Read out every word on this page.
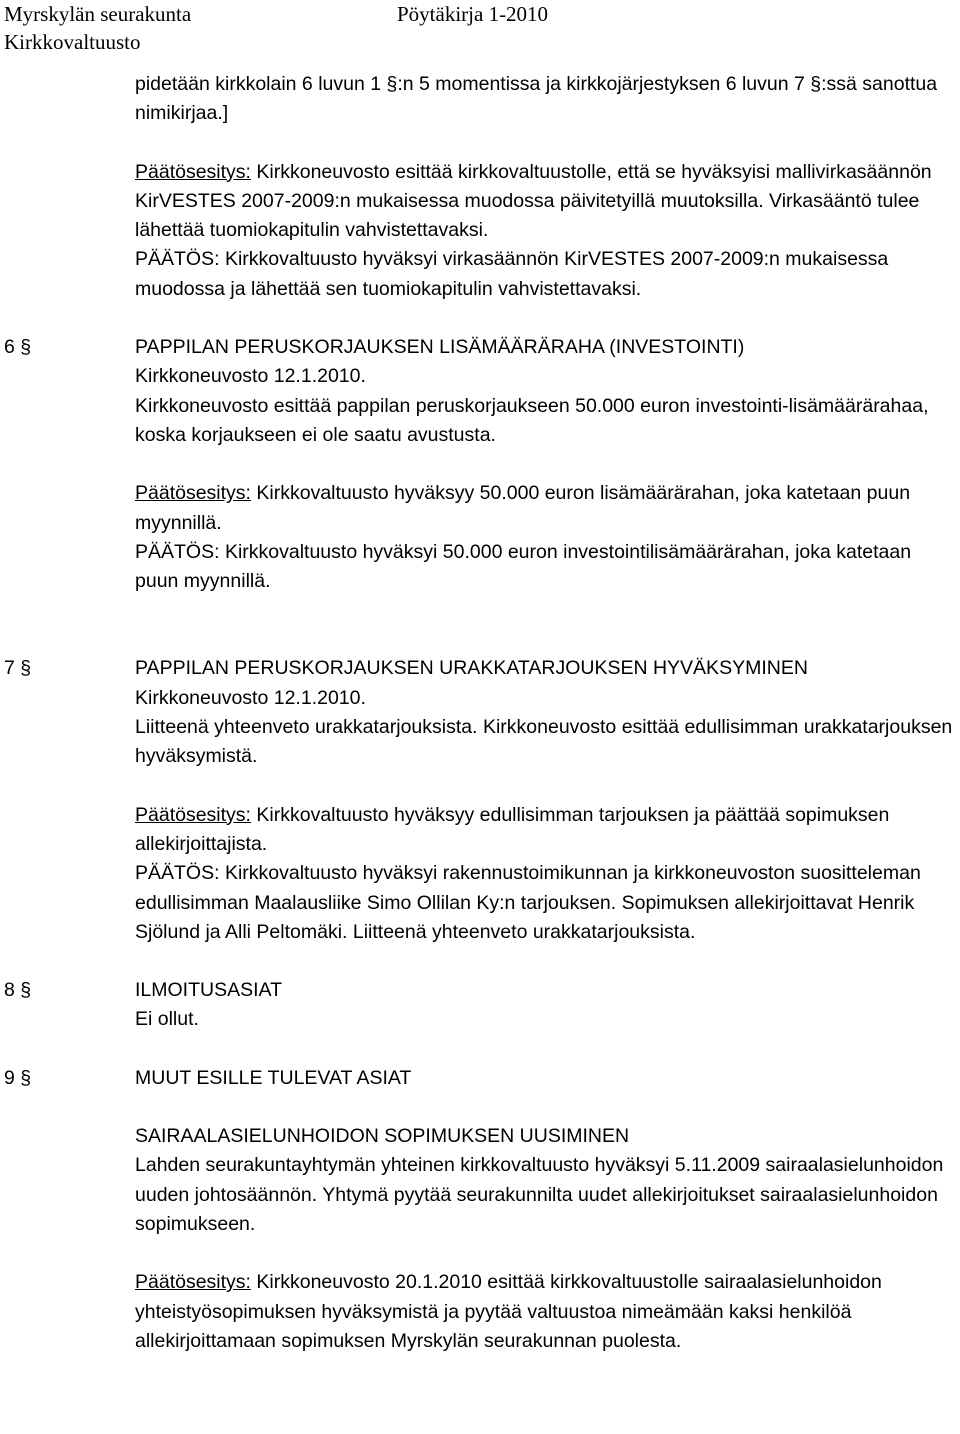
Myrskylän seurakunta	Pöytäkirja 1-2010
Kirkkovaltuusto

pidetään kirkkolain 6 luvun 1 §:n 5 momentissa ja kirkkojärjestyksen 6 luvun 7 §:ssä sanottua nimikirjaa.]

Päätösesitys: Kirkkoneuvosto esittää kirkkovaltuustolle, että se hyväksyisi mallivirkasäännön KirVESTES 2007-2009:n mukaisessa muodossa päivitetyillä muutoksilla. Virkasääntö tulee lähettää tuomiokapitulin vahvistettavaksi.

PÄÄTÖS: Kirkkovaltuusto hyväksyi virkasäännön KirVESTES 2007-2009:n mukaisessa muodossa ja lähettää sen tuomiokapitulin vahvistettavaksi.

6 §	PAPPILAN PERUSKORJAUKSEN LISÄMÄÄRÄRAHA (INVESTOINTI)

Kirkkoneuvosto 12.1.2010.

Kirkkoneuvosto esittää pappilan peruskorjaukseen 50.000 euron investointi-lisämäärärahaa, koska korjaukseen ei ole saatu avustusta.

Päätösesitys: Kirkkovaltuusto hyväksyy 50.000 euron lisämäärärahan, joka katetaan puun myynnillä.

PÄÄTÖS: Kirkkovaltuusto hyväksyi 50.000 euron investointilisämäärärahan, joka katetaan puun myynnillä.

7 §	PAPPILAN PERUSKORJAUKSEN URAKKATARJOUKSEN HYVÄKSYMINEN

Kirkkoneuvosto 12.1.2010.

Liitteenä yhteenveto urakkatarjouksista. Kirkkoneuvosto esittää edullisimman urakkatarjouksen hyväksymistä.

Päätösesitys: Kirkkovaltuusto hyväksyy edullisimman tarjouksen ja päättää sopimuksen allekirjoittajista.

PÄÄTÖS: Kirkkovaltuusto hyväksyi rakennustoimikunnan ja kirkkoneuvoston suositteleman edullisimman Maalausliike Simo Ollilan Ky:n tarjouksen. Sopimuksen allekirjoittavat Henrik Sjölund ja Alli Peltomäki. Liitteenä yhteenveto urakkatarjouksista.

8 §	ILMOITUSASIAT

Ei ollut.

9 §	MUUT ESILLE TULEVAT ASIAT

SAIRAALASIELUNHOIDON SOPIMUKSEN UUSIMINEN

Lahden seurakuntayhtymän yhteinen kirkkovaltuusto hyväksyi 5.11.2009 sairaalasielunhoidon uuden johtosäännön. Yhtymä pyytää seurakunnilta uudet allekirjoitukset sairaalasielunhoidon sopimukseen.

Päätösesitys: Kirkkoneuvosto 20.1.2010 esittää kirkkovaltuustolle sairaalasielunhoidon yhteistyösopimuksen hyväksymistä ja pyytää valtuustoa nimeämään kaksi henkilöä allekirjoittamaan sopimuksen Myrskylän seurakunnan puolesta.
